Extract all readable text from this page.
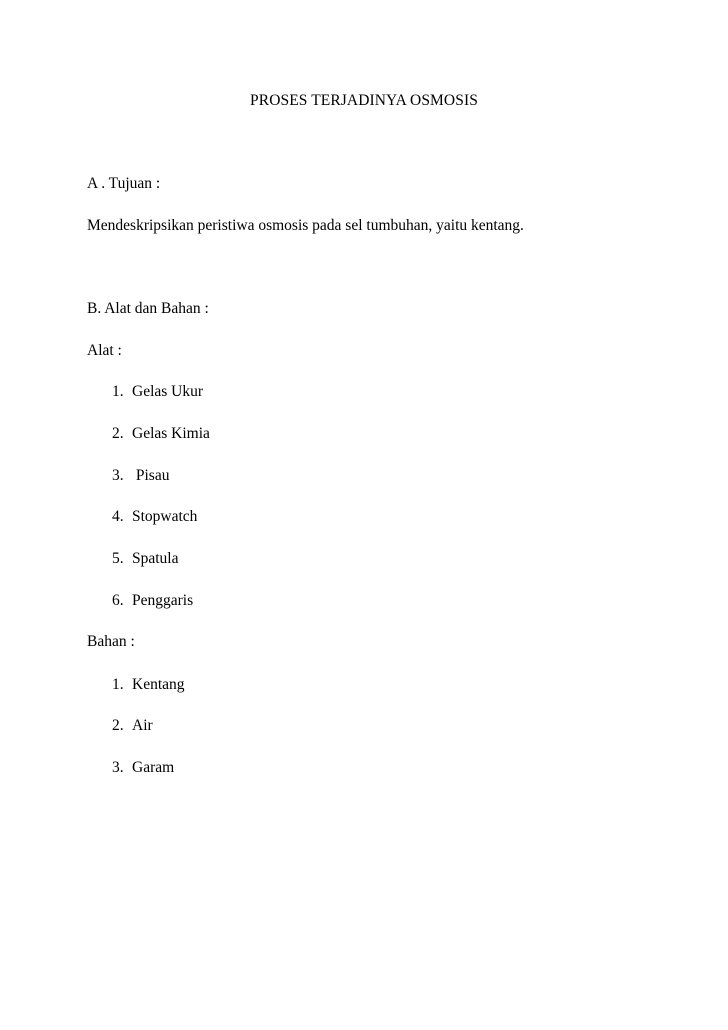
PROSES TERJADINYA OSMOSIS
A . Tujuan :
Mendeskripsikan peristiwa osmosis pada sel tumbuhan, yaitu kentang.
B. Alat dan Bahan :
Alat :
1. Gelas Ukur
2. Gelas Kimia
3. Pisau
4. Stopwatch
5. Spatula
6. Penggaris
Bahan :
1. Kentang
2. Air
3. Garam
